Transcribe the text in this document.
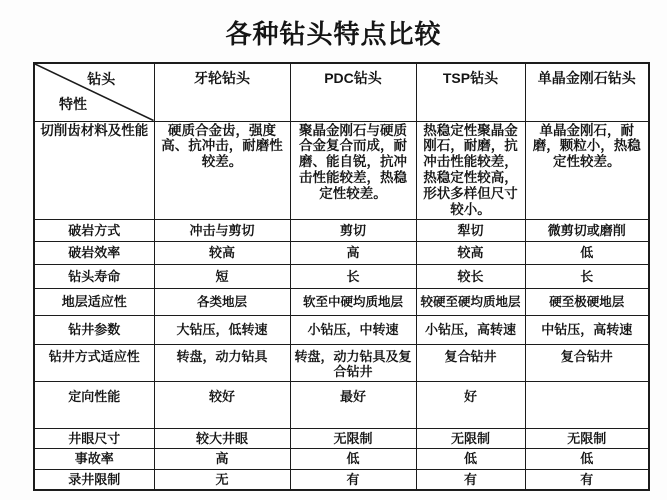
各种钻头特点比较
钻头
特性	牙轮钻头	PDC钻头	TSP钻头	单晶金刚石钻头
切削齿材料及性能	硬质合金齿，强度高、抗冲击，耐磨性较差。	聚晶金刚石与硬质合金复合而成，耐磨、能自锐，抗冲击性能较差，热稳定性较差。	热稳定性聚晶金刚石，耐磨，抗冲击性能较差，热稳定性较高，形状多样但尺寸较小。	单晶金刚石，耐磨，颗粒小，热稳定性较差。
破岩方式	冲击与剪切	剪切	犁切	微剪切或磨削
破岩效率	较高	高	较高	低
钻头寿命	短	长	较长	长
地层适应性	各类地层	软至中硬均质地层	较硬至硬均质地层	硬至极硬地层
钻井参数	大钻压，低转速	小钻压，中转速	小钻压，高转速	中钻压，高转速
钻井方式适应性	转盘，动力钻具	转盘，动力钻具及复合钻井	复合钻井	复合钻井
定向性能	较好	最好	好	
井眼尺寸	较大井眼	无限制	无限制	无限制
事故率	高	低	低	低
录井限制	无	有	有	有
